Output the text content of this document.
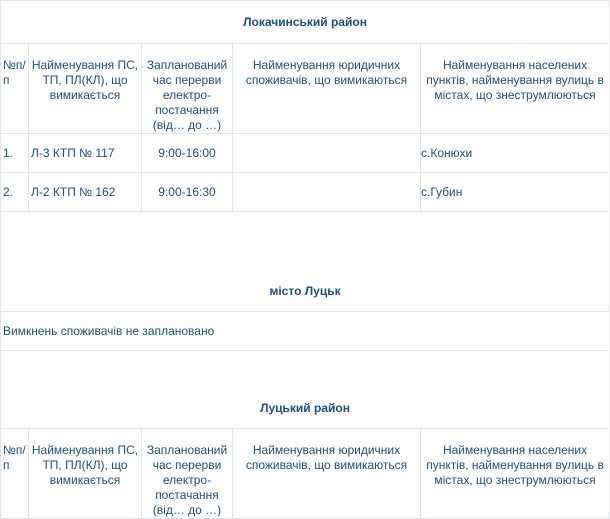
Локачинський район				
№п/п	Найменування ПС, ТП, ПЛ(КЛ), що вимикається	Запланований час перерви електро-постачання (від… до …)	Найменування юридичних споживачів, що вимикаються	Найменування населених пунктів, найменування вулиць в містах, що знеструмлюються
1.	Л-3 КТП № 117	9:00-16:00		с.Конюхи
2.	Л-2 КТП № 162	9:00-16:30		с.Губин
місто Луцьк				
Вимкнень споживачів не заплановано				
Луцький район				
№п/п	Найменування ПС, ТП, ПЛ(КЛ), що вимикається	Запланований час перерви електро-постачання (від… до …)	Найменування юридичних споживачів, що вимикаються	Найменування населених пунктів, найменування вулиць в містах, що знеструмлюються
